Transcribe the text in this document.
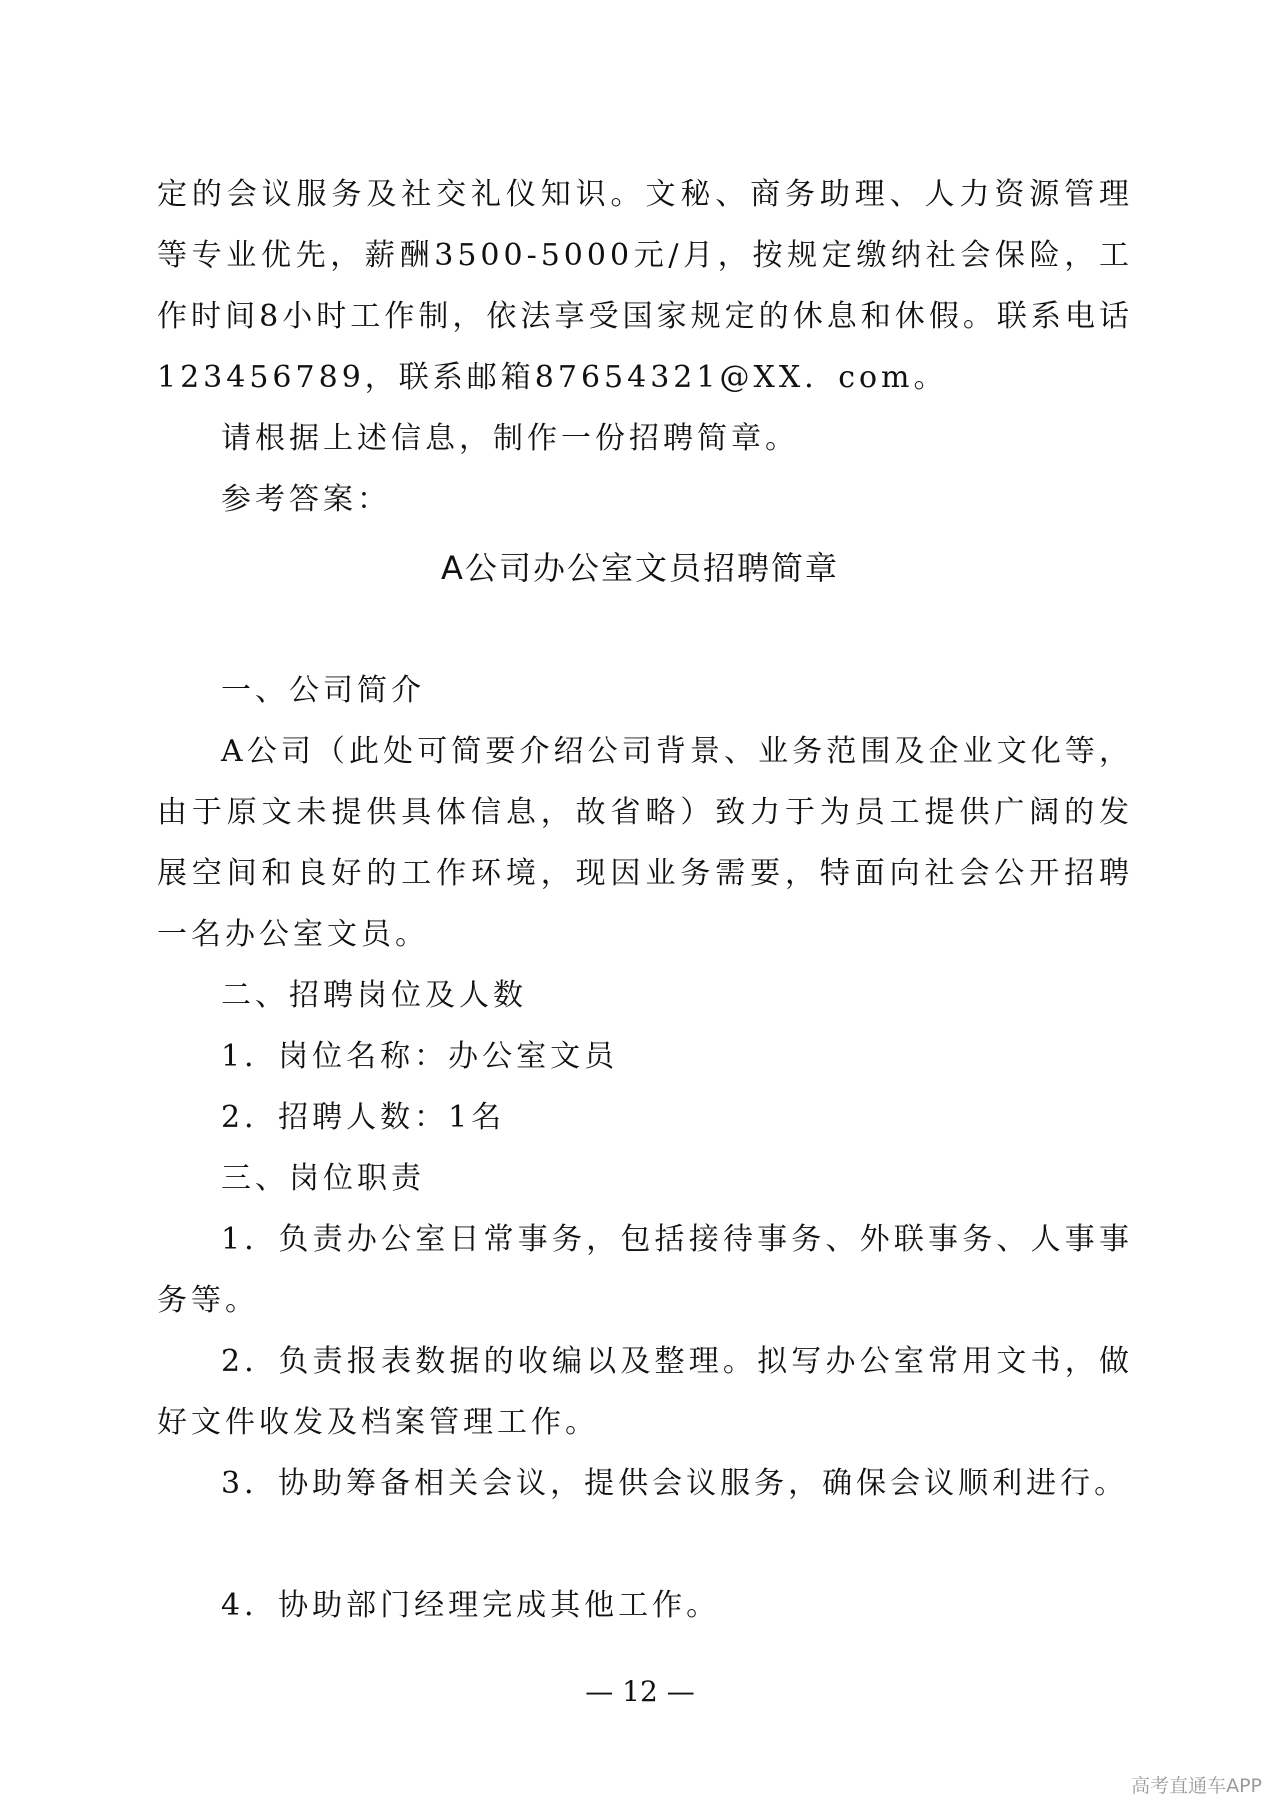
定的会议服务及社交礼仪知识。文秘、商务助理、人力资源管理等专业优先，薪酬3500-5000元/月，按规定缴纳社会保险，工作时间8小时工作制，依法享受国家规定的休息和休假。联系电话123456789，联系邮箱87654321@XX．com。

请根据上述信息，制作一份招聘简章。

参考答案：

A公司办公室文员招聘简章

一、公司简介

A公司（此处可简要介绍公司背景、业务范围及企业文化等，由于原文未提供具体信息，故省略）致力于为员工提供广阔的发展空间和良好的工作环境，现因业务需要，特面向社会公开招聘一名办公室文员。

二、招聘岗位及人数

1．岗位名称：办公室文员

2．招聘人数：1名

三、岗位职责

1．负责办公室日常事务，包括接待事务、外联事务、人事事务等。

2．负责报表数据的收编以及整理。拟写办公室常用文书，做好文件收发及档案管理工作。

3．协助筹备相关会议，提供会议服务，确保会议顺利进行。

4．协助部门经理完成其他工作。

— 12 —
高考直通车APP
